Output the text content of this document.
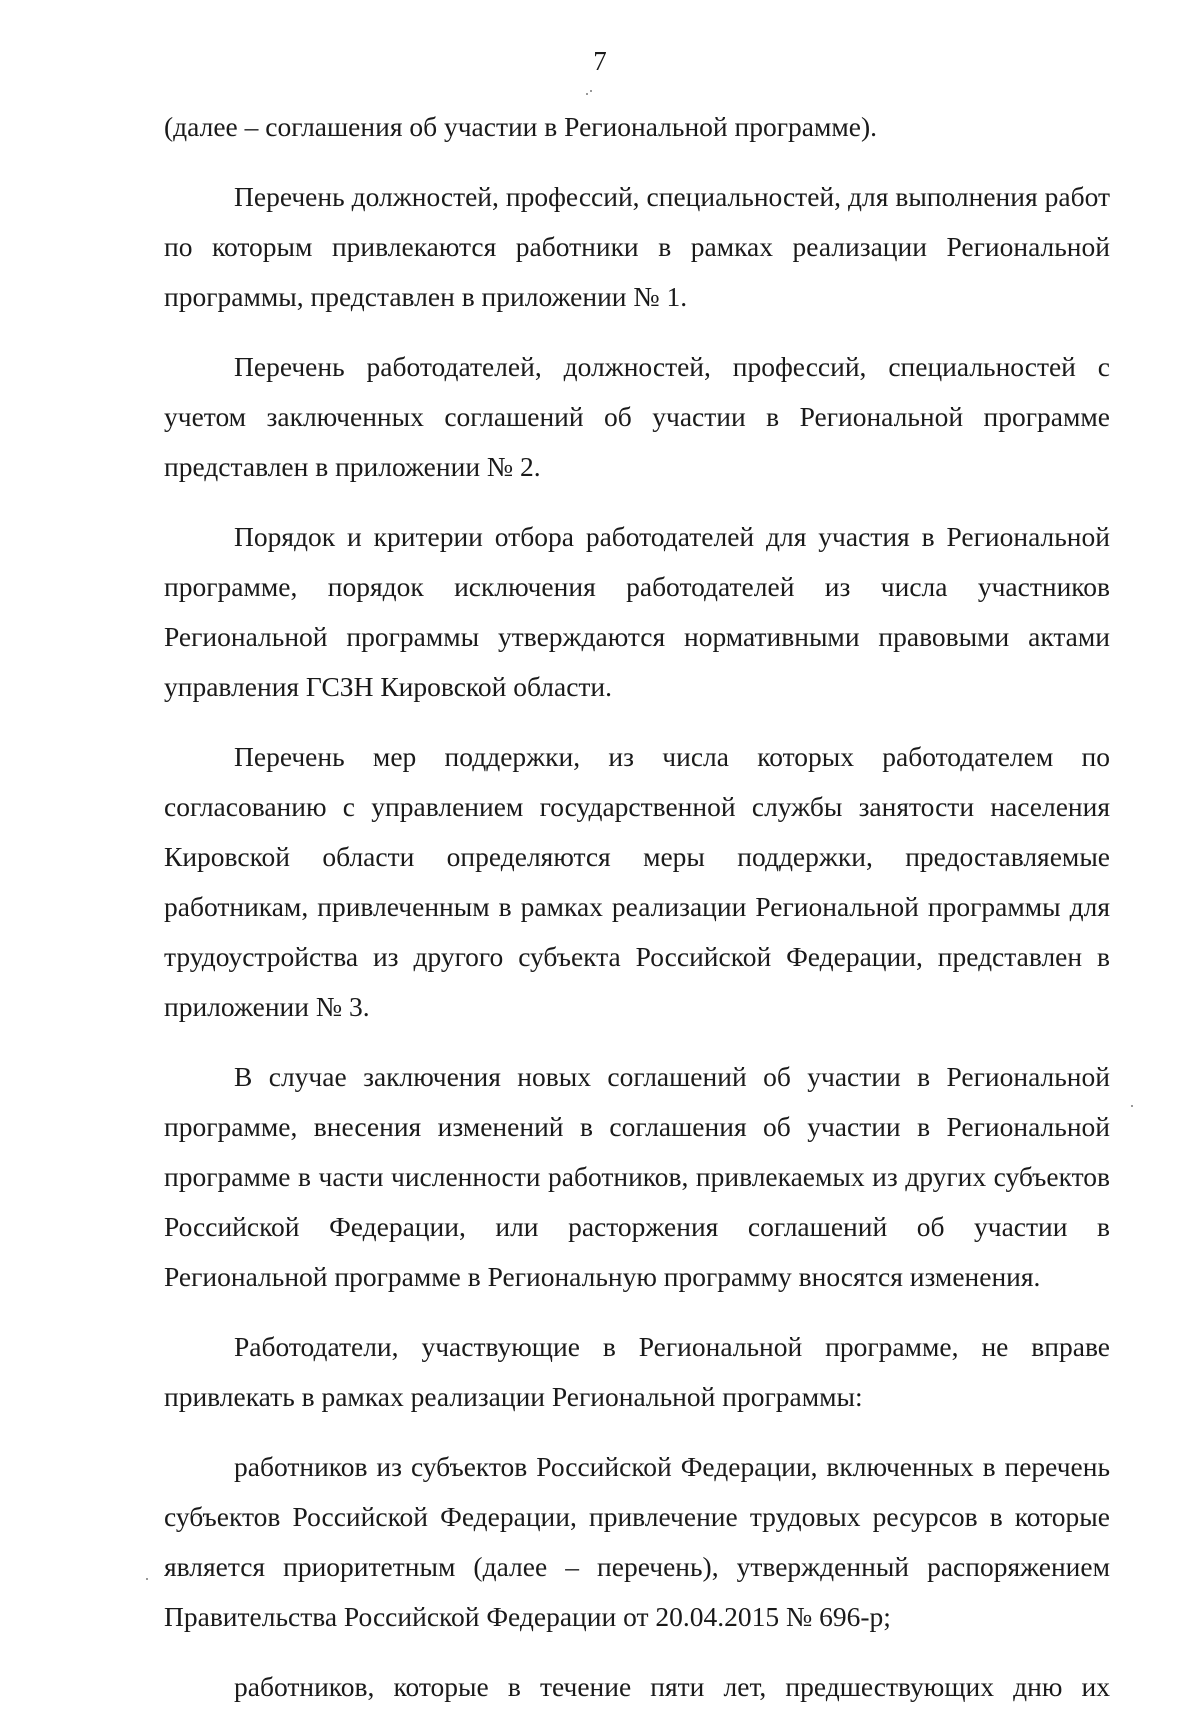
7

(далее – соглашения об участии в Региональной программе).

Перечень должностей, профессий, специальностей, для выполнения работ по которым привлекаются работники в рамках реализации Региональной программы, представлен в приложении № 1.

Перечень работодателей, должностей, профессий, специальностей с учетом заключенных соглашений об участии в Региональной программе представлен в приложении № 2.

Порядок и критерии отбора работодателей для участия в Региональной программе, порядок исключения работодателей из числа участников Региональной программы утверждаются нормативными правовыми актами управления ГСЗН Кировской области.

Перечень мер поддержки, из числа которых работодателем по согласованию с управлением государственной службы занятости населения Кировской области определяются меры поддержки, предоставляемые работникам, привлеченным в рамках реализации Региональной программы для трудоустройства из другого субъекта Российской Федерации, представлен в приложении № 3.

В случае заключения новых соглашений об участии в Региональной программе, внесения изменений в соглашения об участии в Региональной программе в части численности работников, привлекаемых из других субъектов Российской Федерации, или расторжения соглашений об участии в Региональной программе в Региональную программу вносятся изменения.

Работодатели, участвующие в Региональной программе, не вправе привлекать в рамках реализации Региональной программы:

работников из субъектов Российской Федерации, включенных в перечень субъектов Российской Федерации, привлечение трудовых ресурсов в которые является приоритетным (далее – перечень), утвержденный распоряжением Правительства Российской Федерации от 20.04.2015 № 696-р;

работников, которые в течение пяти лет, предшествующих дню их
